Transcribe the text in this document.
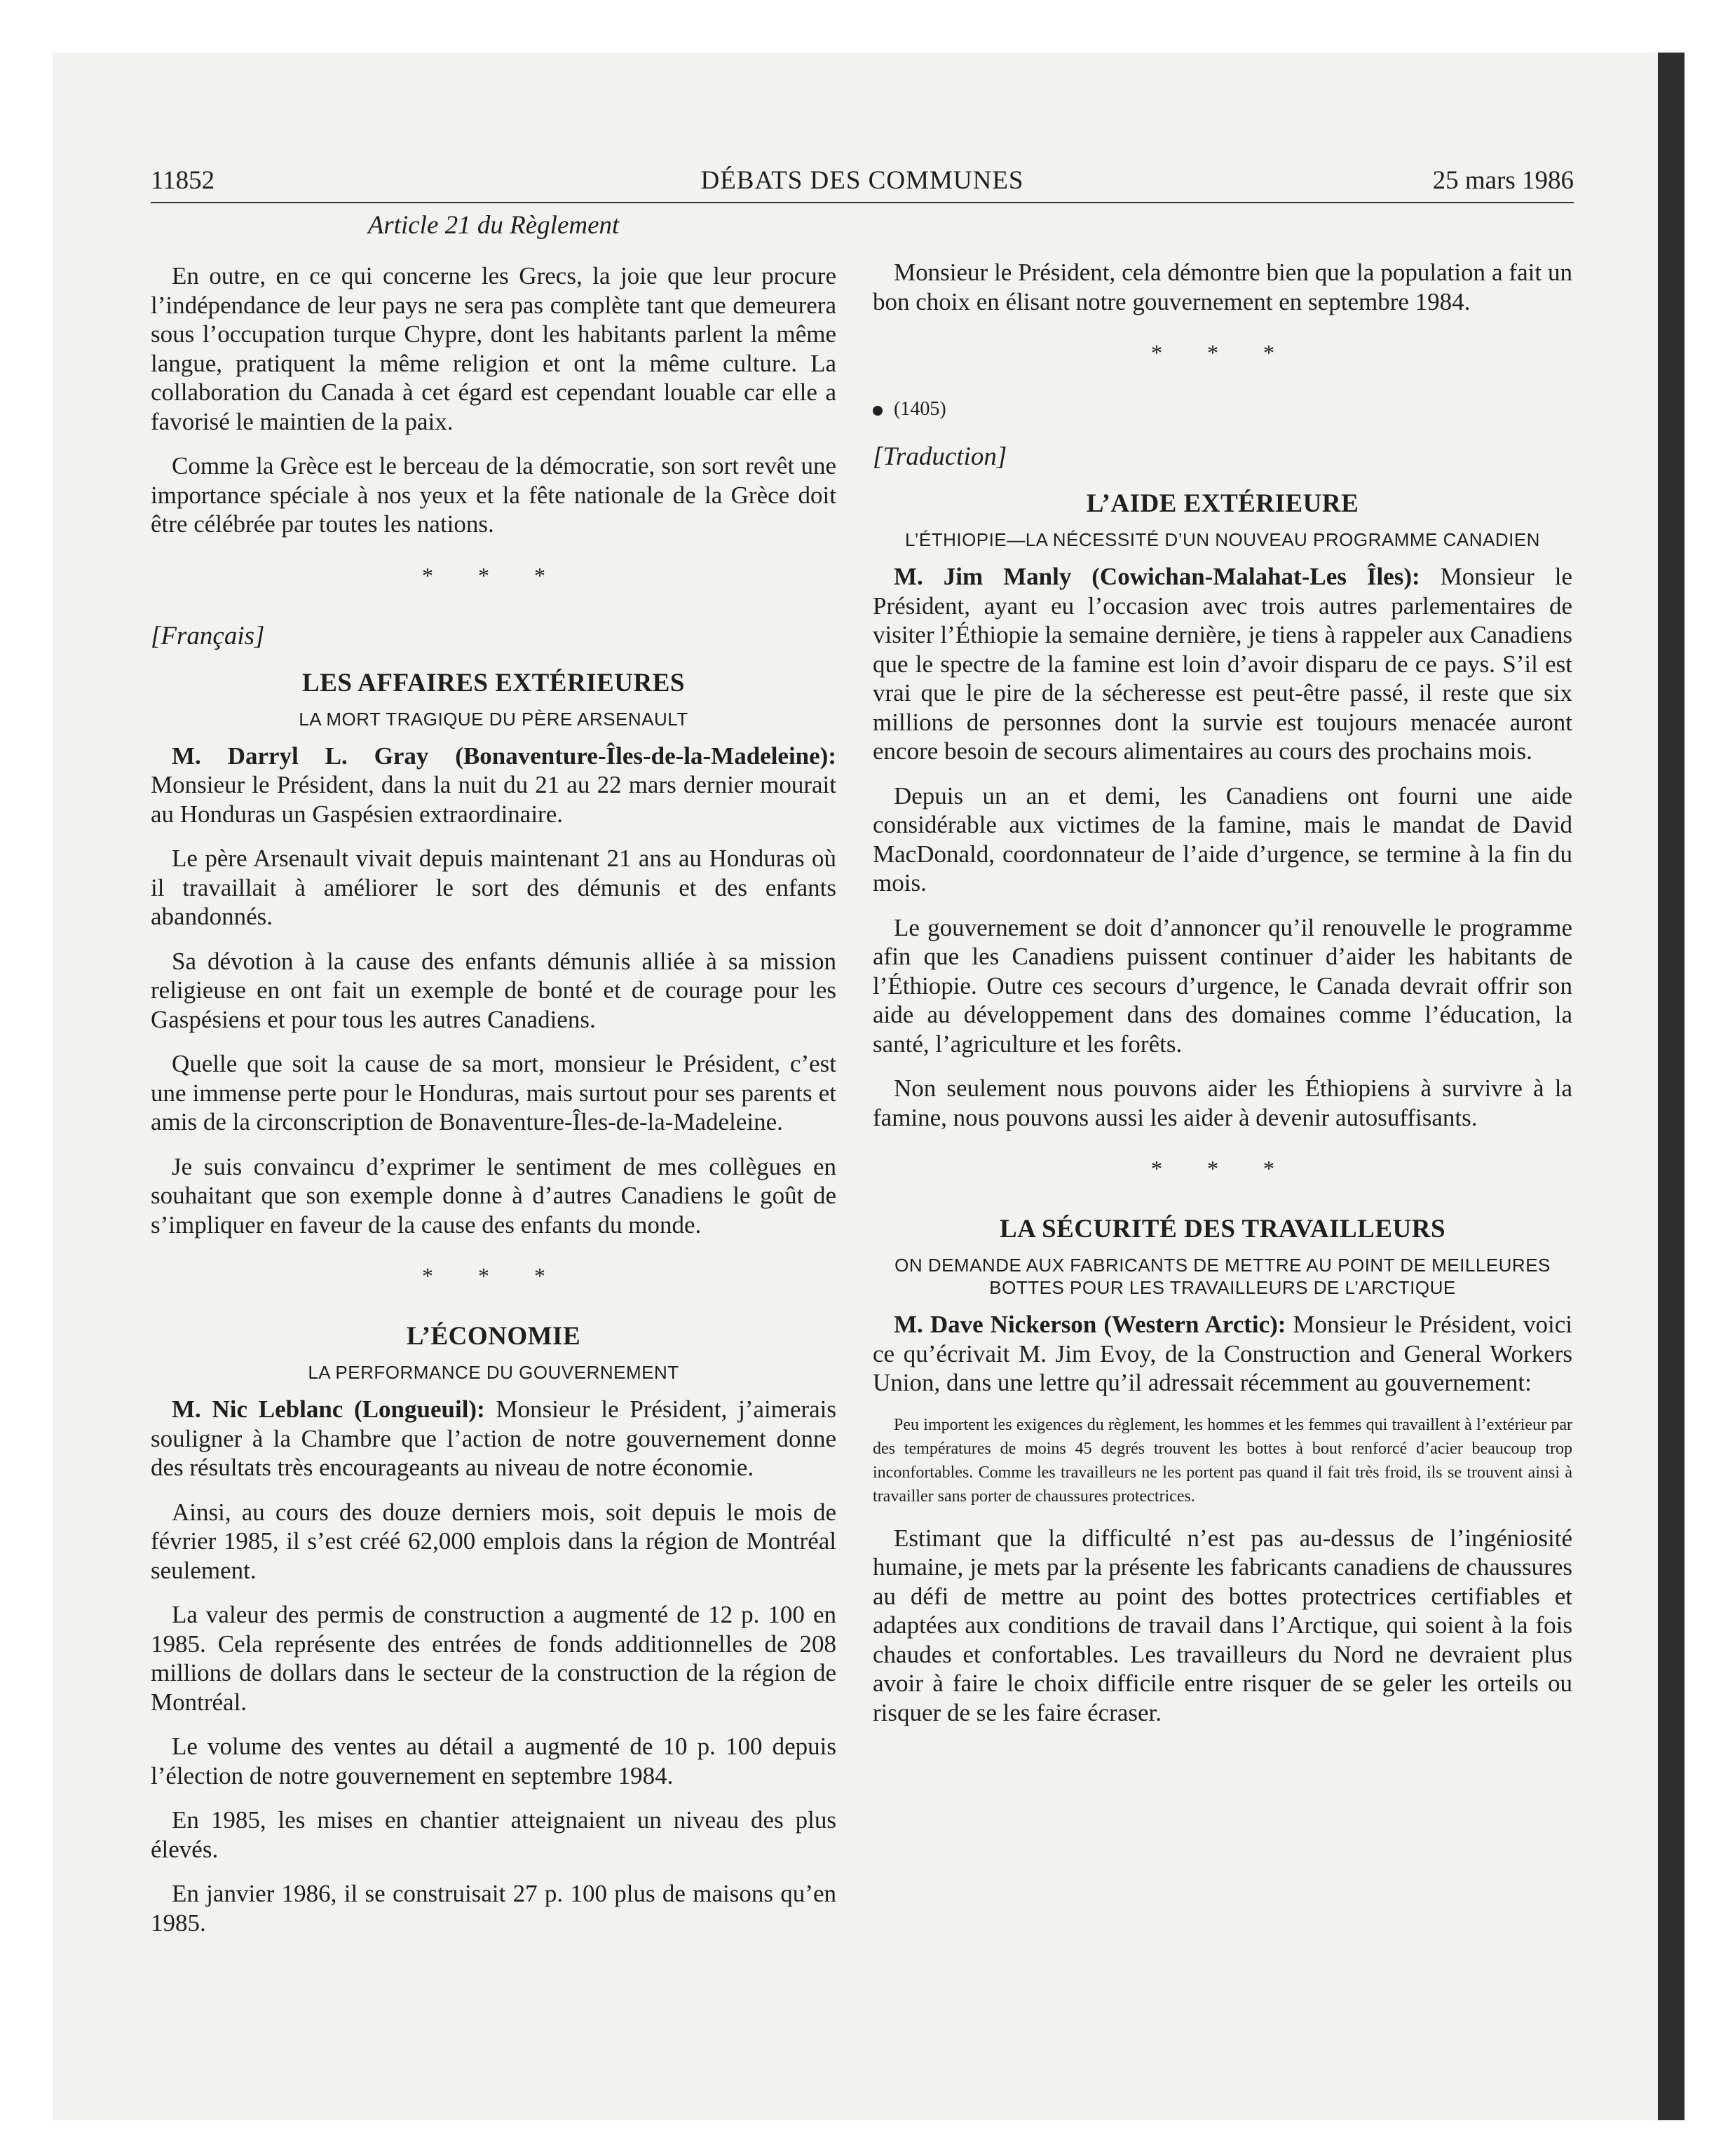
11852	DÉBATS DES COMMUNES	25 mars 1986
Article 21 du Règlement

En outre, en ce qui concerne les Grecs, la joie que leur procure l’indépendance de leur pays ne sera pas complète tant que demeurera sous l’occupation turque Chypre, dont les habitants parlent la même langue, pratiquent la même religion et ont la même culture. La collaboration du Canada à cet égard est cependant louable car elle a favorisé le maintien de la paix.

Comme la Grèce est le berceau de la démocratie, son sort revêt une importance spéciale à nos yeux et la fête nationale de la Grèce doit être célébrée par toutes les nations.

* * *
[Français]
LES AFFAIRES EXTÉRIEURES
LA MORT TRAGIQUE DU PÈRE ARSENAULT

M. Darryl L. Gray (Bonaventure-Îles-de-la-Madeleine): Monsieur le Président, dans la nuit du 21 au 22 mars dernier mourait au Honduras un Gaspésien extraordinaire.

Le père Arsenault vivait depuis maintenant 21 ans au Honduras où il travaillait à améliorer le sort des démunis et des enfants abandonnés.

Sa dévotion à la cause des enfants démunis alliée à sa mission religieuse en ont fait un exemple de bonté et de courage pour les Gaspésiens et pour tous les autres Canadiens.

Quelle que soit la cause de sa mort, monsieur le Président, c’est une immense perte pour le Honduras, mais surtout pour ses parents et amis de la circonscription de Bonaventure-Îles-de-la-Madeleine.

Je suis convaincu d’exprimer le sentiment de mes collègues en souhaitant que son exemple donne à d’autres Canadiens le goût de s’impliquer en faveur de la cause des enfants du monde.

* * *
L’ÉCONOMIE
LA PERFORMANCE DU GOUVERNEMENT

M. Nic Leblanc (Longueuil): Monsieur le Président, j’aimerais souligner à la Chambre que l’action de notre gouvernement donne des résultats très encourageants au niveau de notre économie.

Ainsi, au cours des douze derniers mois, soit depuis le mois de février 1985, il s’est créé 62,000 emplois dans la région de Montréal seulement.

La valeur des permis de construction a augmenté de 12 p. 100 en 1985. Cela représente des entrées de fonds additionnelles de 208 millions de dollars dans le secteur de la construction de la région de Montréal.

Le volume des ventes au détail a augmenté de 10 p. 100 depuis l’élection de notre gouvernement en septembre 1984.

En 1985, les mises en chantier atteignaient un niveau des plus élevés.

En janvier 1986, il se construisait 27 p. 100 plus de maisons qu’en 1985.

Monsieur le Président, cela démontre bien que la population a fait un bon choix en élisant notre gouvernement en septembre 1984.

* * *
(1405)
[Traduction]
L’AIDE EXTÉRIEURE
L’ÉTHIOPIE—LA NÉCESSITÉ D’UN NOUVEAU PROGRAMME CANADIEN

M. Jim Manly (Cowichan-Malahat-Les Îles): Monsieur le Président, ayant eu l’occasion avec trois autres parlementaires de visiter l’Éthiopie la semaine dernière, je tiens à rappeler aux Canadiens que le spectre de la famine est loin d’avoir disparu de ce pays. S’il est vrai que le pire de la sécheresse est peut-être passé, il reste que six millions de personnes dont la survie est toujours menacée auront encore besoin de secours alimentaires au cours des prochains mois.

Depuis un an et demi, les Canadiens ont fourni une aide considérable aux victimes de la famine, mais le mandat de David MacDonald, coordonnateur de l’aide d’urgence, se termine à la fin du mois.

Le gouvernement se doit d’annoncer qu’il renouvelle le programme afin que les Canadiens puissent continuer d’aider les habitants de l’Éthiopie. Outre ces secours d’urgence, le Canada devrait offrir son aide au développement dans des domaines comme l’éducation, la santé, l’agriculture et les forêts.

Non seulement nous pouvons aider les Éthiopiens à survivre à la famine, nous pouvons aussi les aider à devenir autosuffisants.

* * *
LA SÉCURITÉ DES TRAVAILLEURS
ON DEMANDE AUX FABRICANTS DE METTRE AU POINT DE MEILLEURES BOTTES POUR LES TRAVAILLEURS DE L’ARCTIQUE

M. Dave Nickerson (Western Arctic): Monsieur le Président, voici ce qu’écrivait M. Jim Evoy, de la Construction and General Workers Union, dans une lettre qu’il adressait récemment au gouvernement:

Peu importent les exigences du règlement, les hommes et les femmes qui travaillent à l’extérieur par des températures de moins 45 degrés trouvent les bottes à bout renforcé d’acier beaucoup trop inconfortables. Comme les travailleurs ne les portent pas quand il fait très froid, ils se trouvent ainsi à travailler sans porter de chaussures protectrices.

Estimant que la difficulté n’est pas au-dessus de l’ingéniosité humaine, je mets par la présente les fabricants canadiens de chaussures au défi de mettre au point des bottes protectrices certifiables et adaptées aux conditions de travail dans l’Arctique, qui soient à la fois chaudes et confortables. Les travailleurs du Nord ne devraient plus avoir à faire le choix difficile entre risquer de se geler les orteils ou risquer de se les faire écraser.
